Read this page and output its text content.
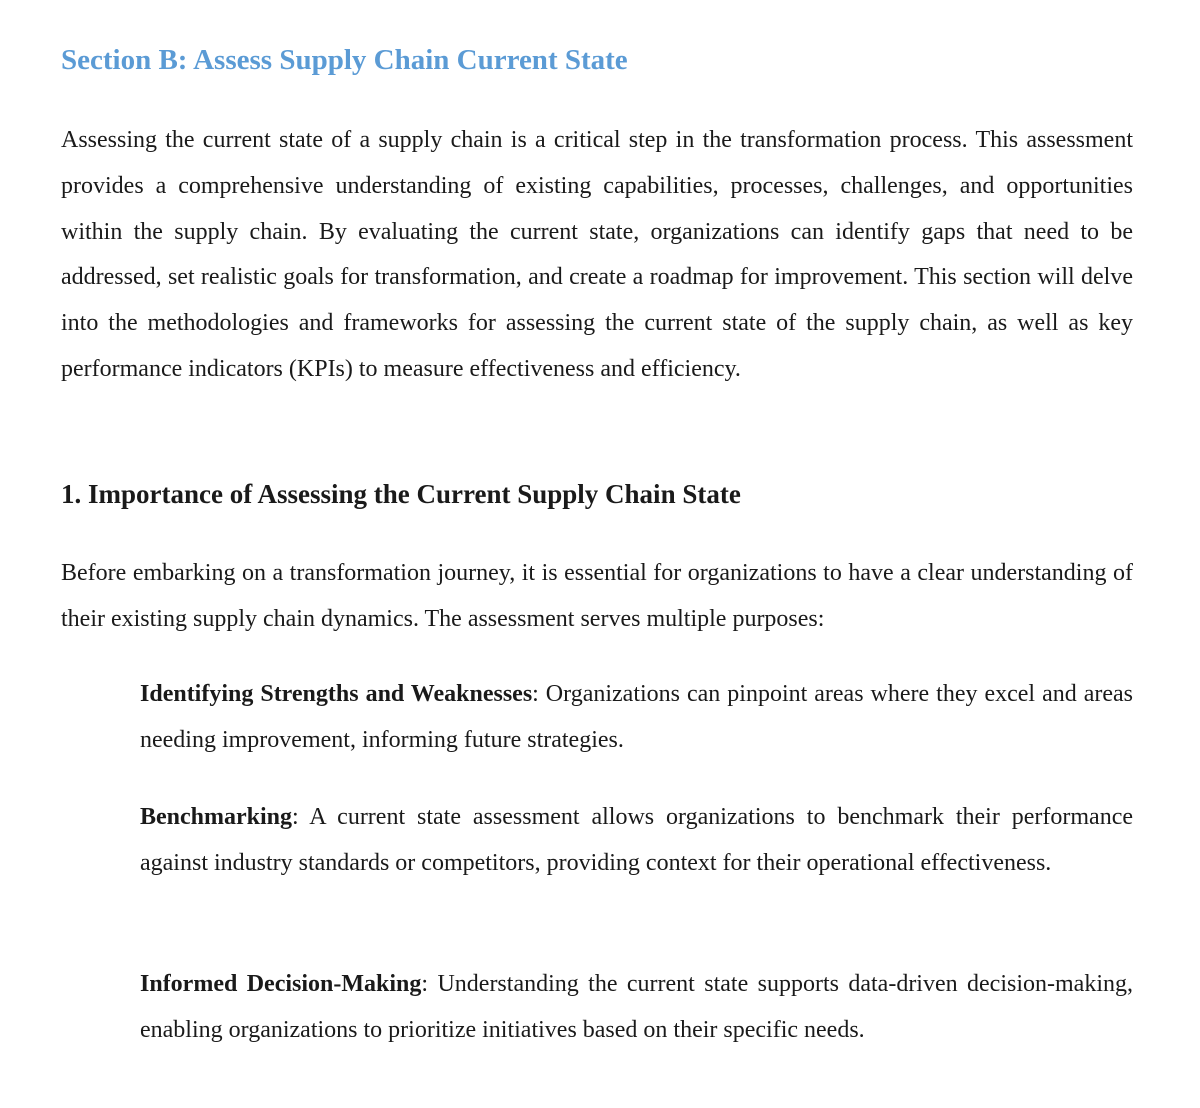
Section B: Assess Supply Chain Current State

Assessing the current state of a supply chain is a critical step in the transformation process. This assessment provides a comprehensive understanding of existing capabilities, processes, challenges, and opportunities within the supply chain. By evaluating the current state, organizations can identify gaps that need to be addressed, set realistic goals for transformation, and create a roadmap for improvement. This section will delve into the methodologies and frameworks for assessing the current state of the supply chain, as well as key performance indicators (KPIs) to measure effectiveness and efficiency.

1. Importance of Assessing the Current Supply Chain State

Before embarking on a transformation journey, it is essential for organizations to have a clear understanding of their existing supply chain dynamics. The assessment serves multiple purposes:

Identifying Strengths and Weaknesses: Organizations can pinpoint areas where they excel and areas needing improvement, informing future strategies.

Benchmarking: A current state assessment allows organizations to benchmark their performance against industry standards or competitors, providing context for their operational effectiveness.

Informed Decision-Making: Understanding the current state supports data-driven decision-making, enabling organizations to prioritize initiatives based on their specific needs.
